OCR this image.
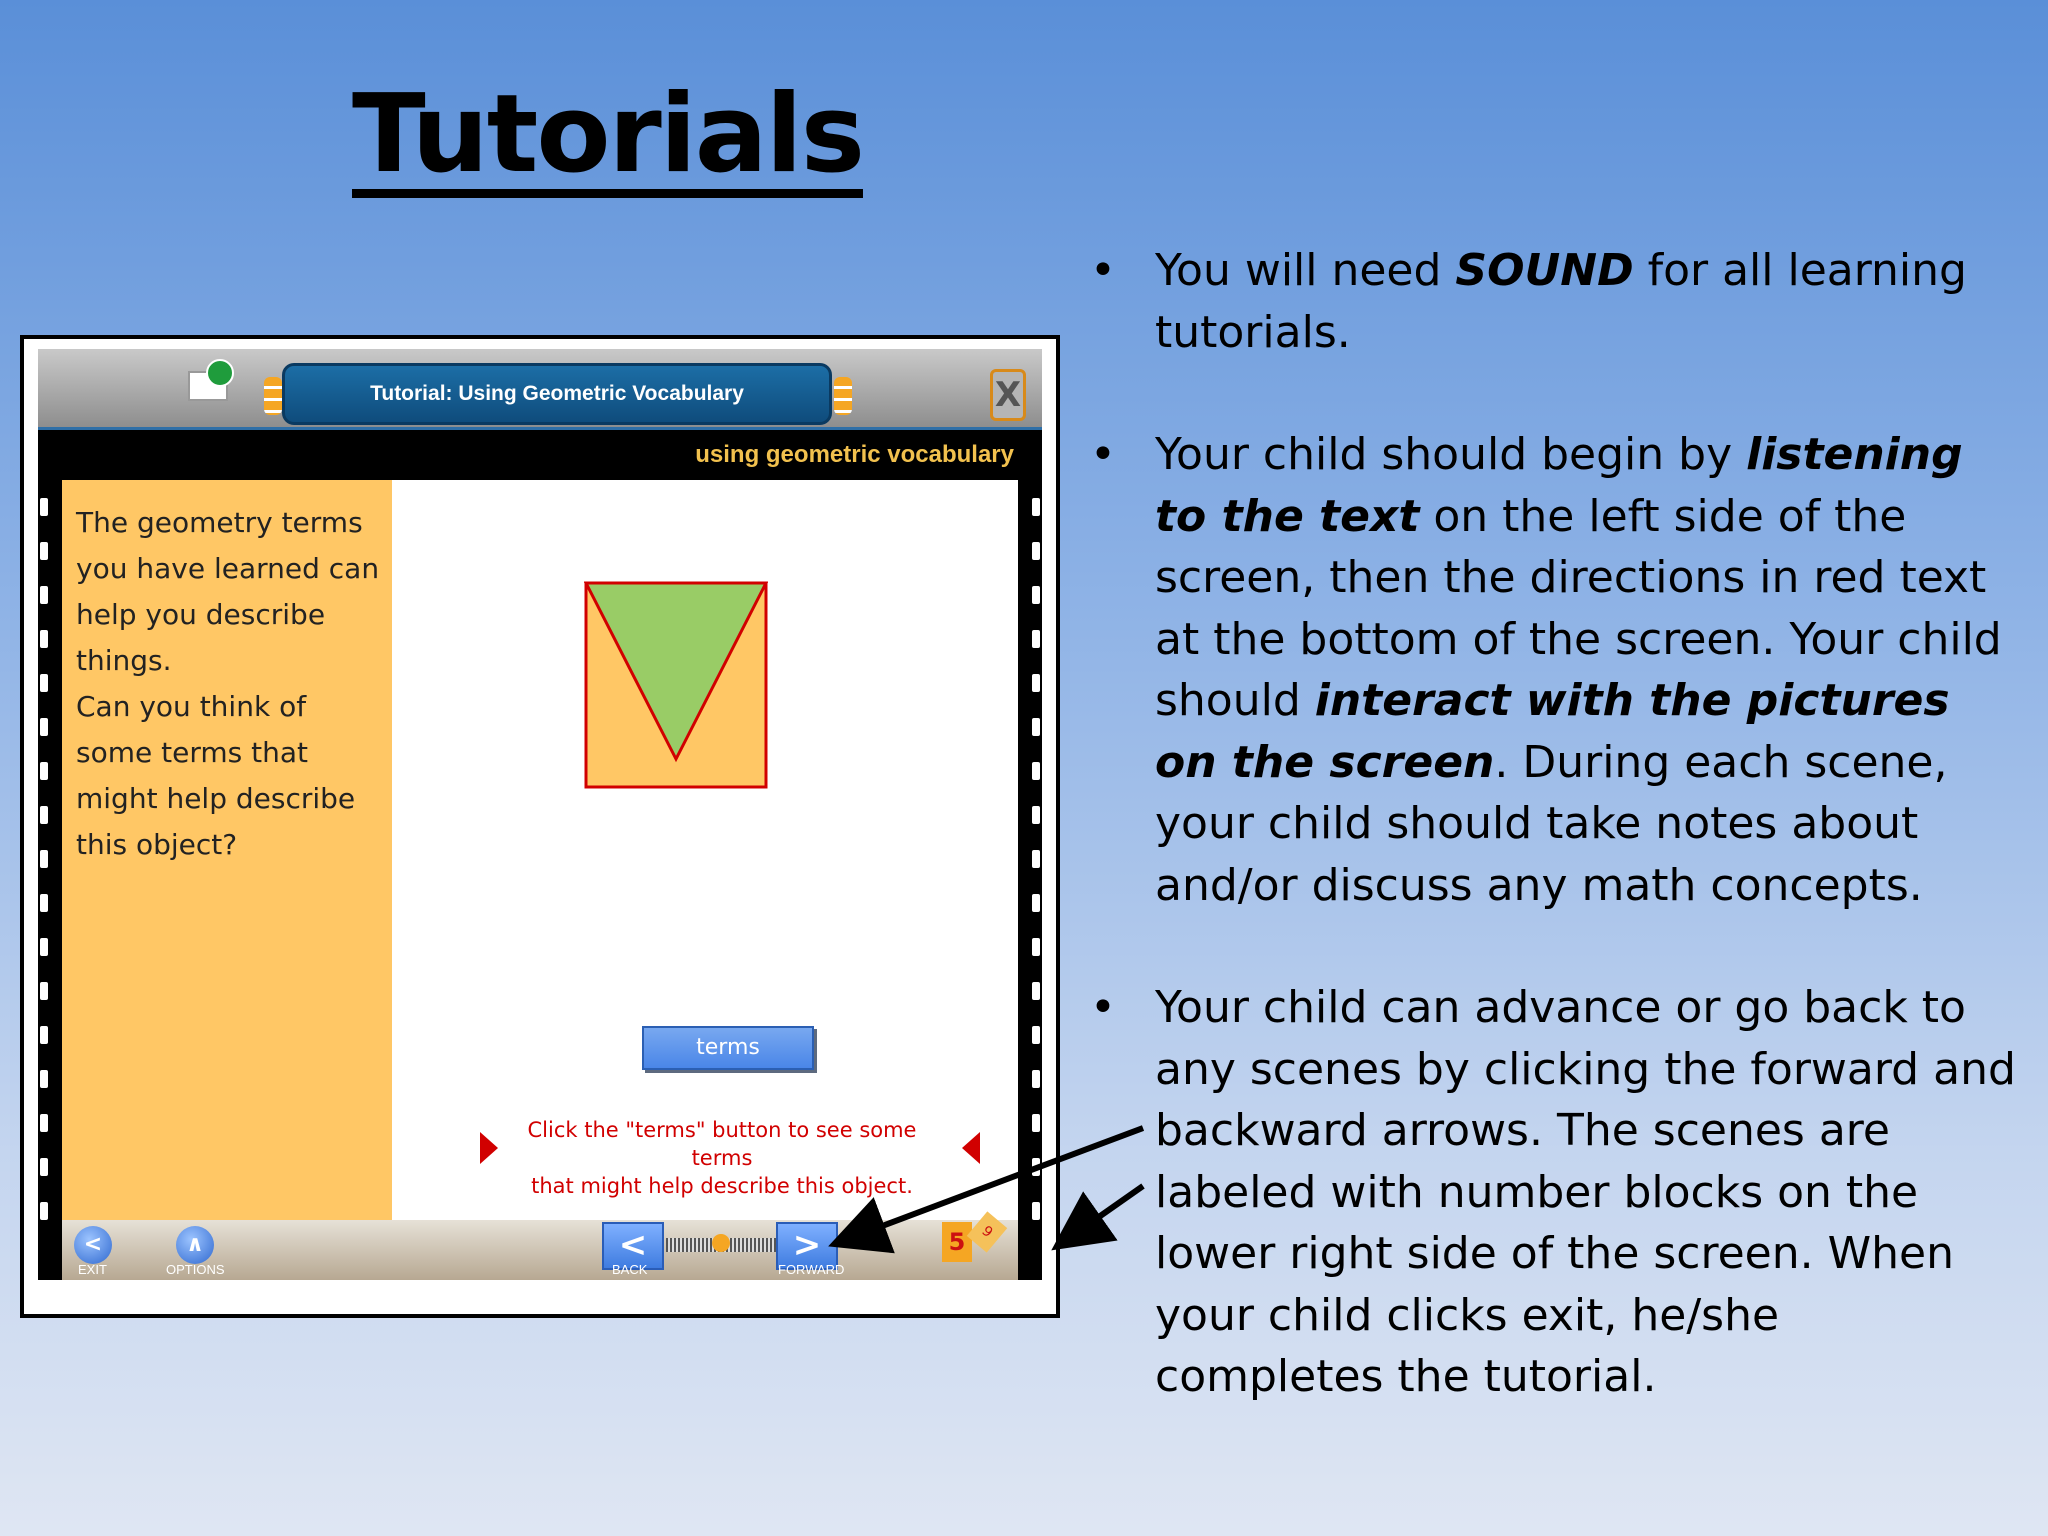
Tutorials
• You will need SOUND for all learning tutorials.
• Your child should begin by listening to the text on the left side of the screen, then the directions in red text at the bottom of the screen. Your child should interact with the pictures on the screen. During each scene, your child should take notes about and/or discuss any math concepts.
• Your child can advance or go back to any scenes by clicking the forward and backward arrows. The scenes are labeled with number blocks on the lower right side of the screen. When your child clicks exit, he/she completes the tutorial.
Tutorial: Using Geometric Vocabulary	X
using geometric vocabulary
The geometry terms you have learned can help you describe things.
Can you think of some terms that might help describe this object?
terms
Click the "terms" button to see some terms
that might help describe this object.
<
EXIT
∧
OPTIONS
<
BACK
>
FORWARD
5 9
